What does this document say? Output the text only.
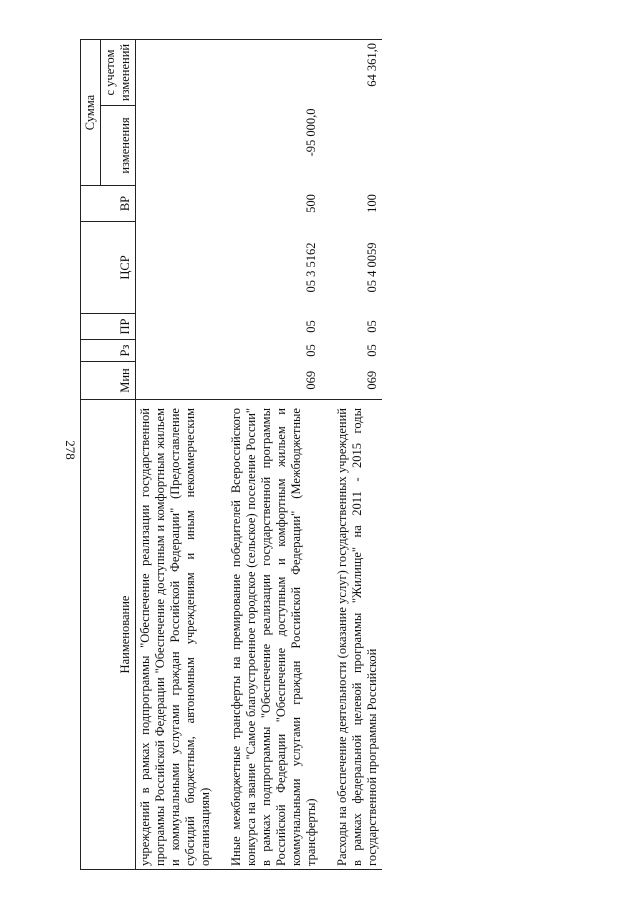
278
Наименование	Мин	Рз	ПР	ЦСР	ВР	Сумма	
						изменения	с учетом изменений
учреждений в рамках подпрограммы "Обеспечение реализации государственной программы Российской Федерации "Обеспечение доступным и комфортным жильем и коммунальными услугами граждан Российской Федерации" (Предоставление субсидий бюджетным, автономным учреждениям и иным некоммерческим организациям)							

Иные межбюджетные трансферты на премирование победителей Всероссийского конкурса на звание "Самое благоустроенное городское (сельское) поселение России" в рамках подпрограммы "Обеспечение реализации государственной программы Российской Федерации "Обеспечение доступным и комфортным жильем и коммунальными услугами граждан Российской Федерации" (Межбюджетные трансферты)	069	05	05	05 3 5162	500	-95 000,0	

Расходы на обеспечение деятельности (оказание услуг) государственных учреждений в рамках федеральной целевой программы "Жилище" на 2011 - 2015 годы государственной программы Российской	069	05	05	05 4 0059	100		64 361,0
